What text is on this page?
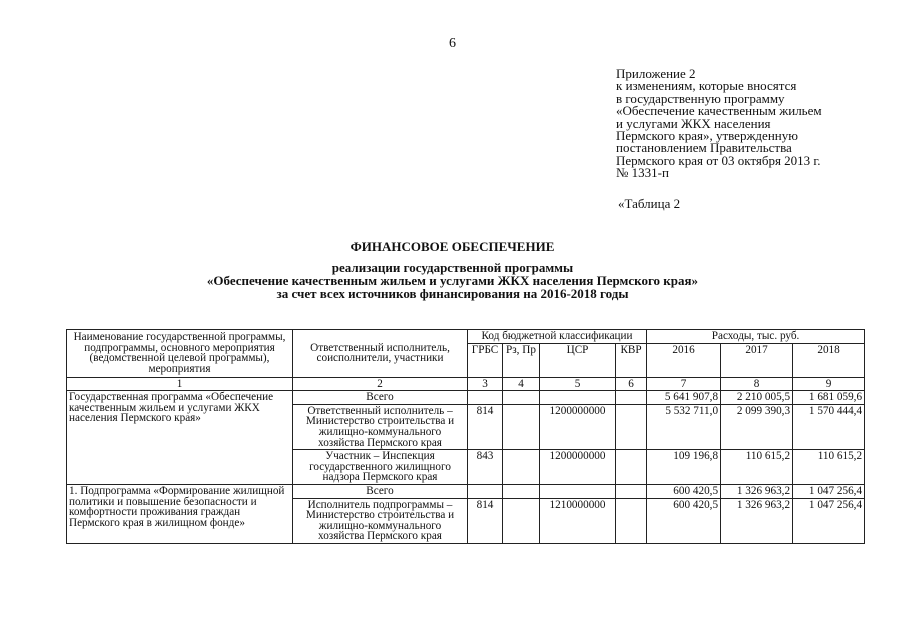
6
Приложение 2
к изменениям, которые вносятся
в государственную программу
«Обеспечение качественным жильем
и услугами ЖКХ населения
Пермского края», утвержденную
постановлением Правительства
Пермского края от 03 октября 2013 г.
№ 1331-п
«Таблица 2
ФИНАНСОВОЕ ОБЕСПЕЧЕНИЕ
реализации государственной программы
«Обеспечение качественным жильем и услугами ЖКХ населения Пермского края»
за счет всех источников финансирования на 2016-2018 годы
Наименование государственной программы, подпрограммы, основного мероприятия (ведомственной целевой программы), мероприятия	Ответственный исполнитель, соисполнители, участники	Код бюджетной классификации				Расходы, тыс. руб.		
		ГРБС	Рз, Пр	ЦСР	КВР	2016	2017	2018
1	2	3	4	5	6	7	8	9
Государственная программа «Обеспечение качественным жильем и услугами ЖКХ населения Пермского края»	Всего					5 641 907,8	2 210 005,5	1 681 059,6
	Ответственный исполнитель – Министерство строительства и жилищно-коммунального хозяйства Пермского края	814		1200000000		5 532 711,0	2 099 390,3	1 570 444,4
	Участник – Инспекция государственного жилищного надзора Пермского края	843		1200000000		109 196,8	110 615,2	110 615,2
1. Подпрограмма «Формирование жилищной политики и повышение безопасности и комфортности проживания граждан Пермского края в жилищном фонде»	Всего					600 420,5	1 326 963,2	1 047 256,4
	Исполнитель подпрограммы – Министерство строительства и жилищно-коммунального хозяйства Пермского края	814		1210000000		600 420,5	1 326 963,2	1 047 256,4
